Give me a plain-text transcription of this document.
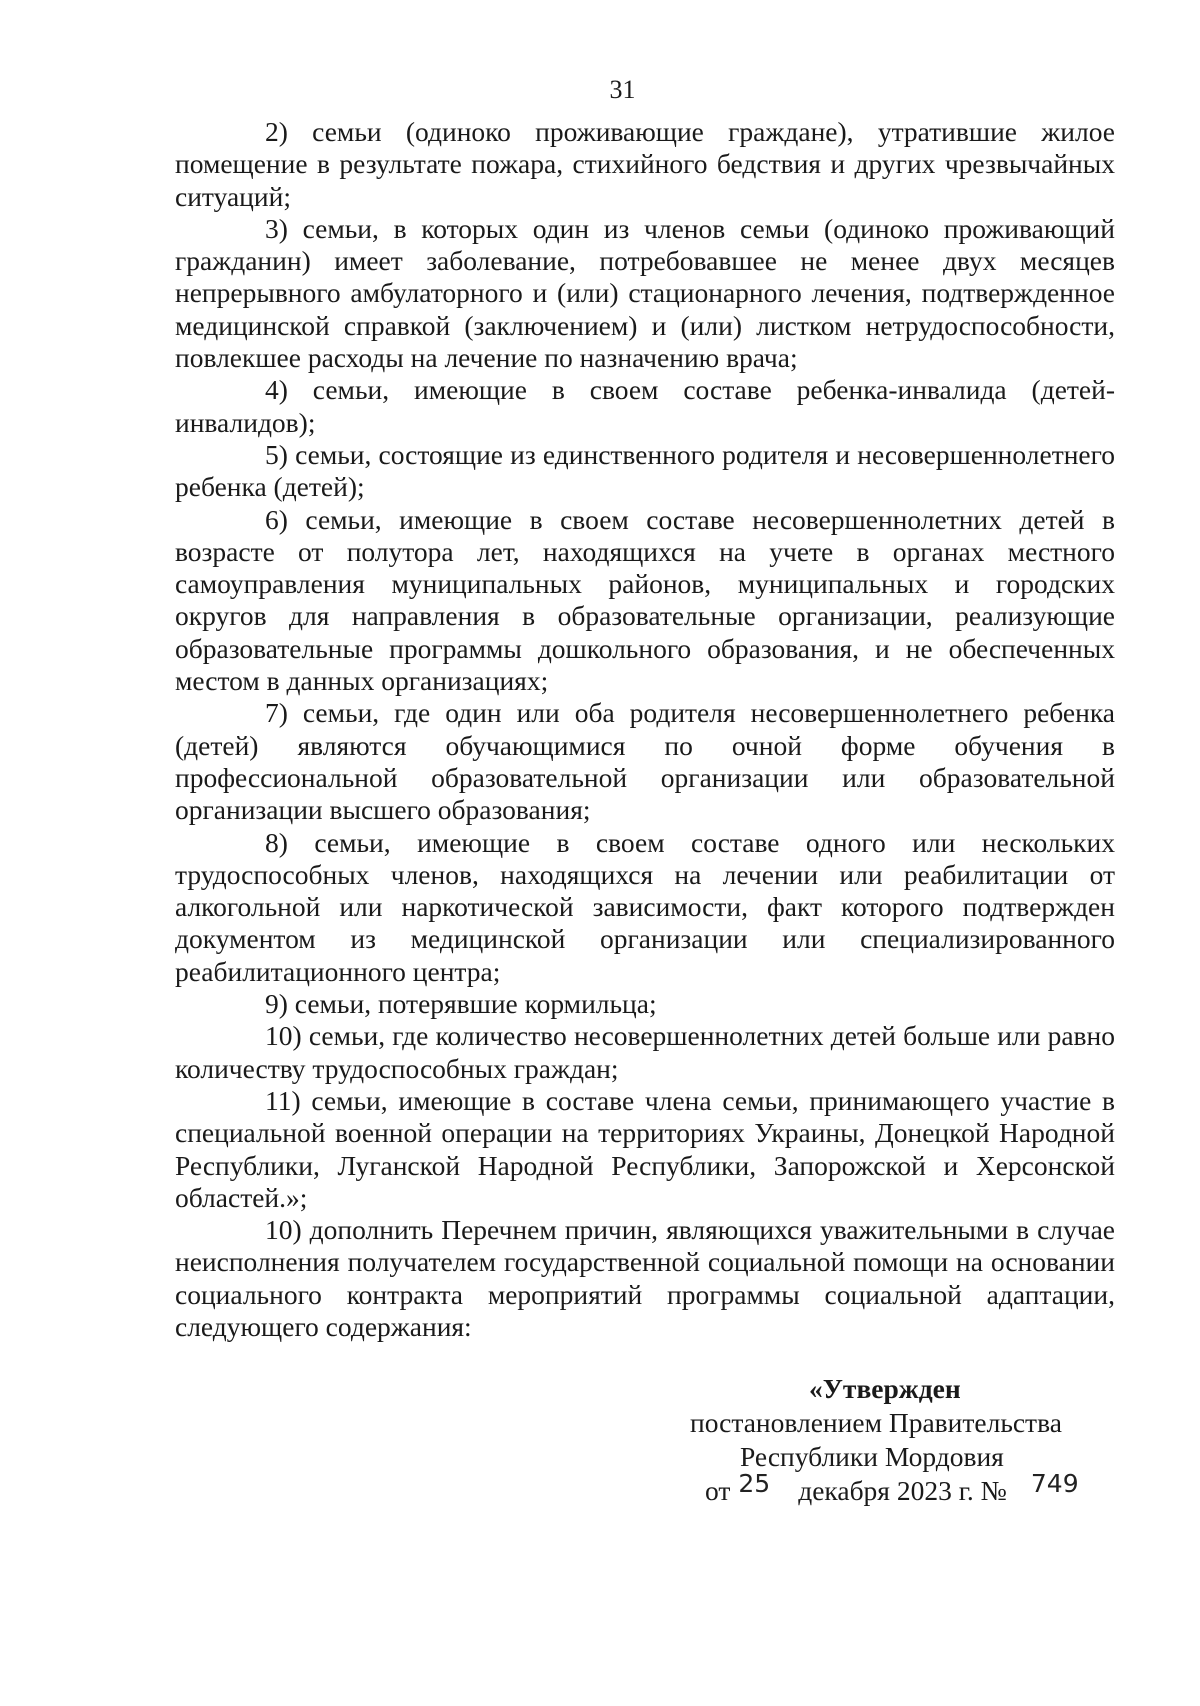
31

2) семьи (одиноко проживающие граждане), утратившие жилое помещение в результате пожара, стихийного бедствия и других чрезвычайных ситуаций;

3) семьи, в которых один из членов семьи (одиноко проживающий гражданин) имеет заболевание, потребовавшее не менее двух месяцев непрерывного амбулаторного и (или) стационарного лечения, подтвержденное медицинской справкой (заключением) и (или) листком нетрудоспособности, повлекшее расходы на лечение по назначению врача;

4) семьи, имеющие в своем составе ребенка-инвалида (детей-инвалидов);

5) семьи, состоящие из единственного родителя и несовершеннолетнего ребенка (детей);

6) семьи, имеющие в своем составе несовершеннолетних детей в возрасте от полутора лет, находящихся на учете в органах местного самоуправления муниципальных районов, муниципальных и городских округов для направления в образовательные организации, реализующие образовательные программы дошкольного образования, и не обеспеченных местом в данных организациях;

7) семьи, где один или оба родителя несовершеннолетнего ребенка (детей) являются обучающимися по очной форме обучения в профессиональной образовательной организации или образовательной организации высшего образования;

8) семьи, имеющие в своем составе одного или нескольких трудоспособных членов, находящихся на лечении или реабилитации от алкогольной или наркотической зависимости, факт которого подтвержден документом из медицинской организации или специализированного реабилитационного центра;

9) семьи, потерявшие кормильца;

10) семьи, где количество несовершеннолетних детей больше или равно количеству трудоспособных граждан;

11) семьи, имеющие в составе члена семьи, принимающего участие в специальной военной операции на территориях Украины, Донецкой Народной Республики, Луганской Народной Республики, Запорожской и Херсонской областей.»;

10) дополнить Перечнем причин, являющихся уважительными в случае неисполнения получателем государственной социальной помощи на основании социального контракта мероприятий программы социальной адаптации, следующего содержания:

«Утвержден
постановлением Правительства
Республики Мордовия
от 25 декабря 2023 г. № 749
